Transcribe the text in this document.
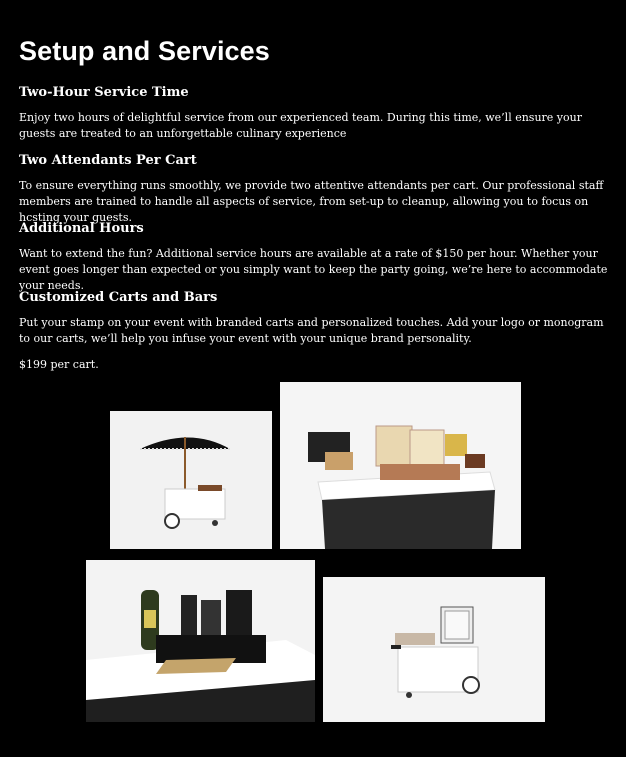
Setup and Services
Two-Hour Service Time

Enjoy two hours of delightful service from our experienced team. During this time, we’ll ensure your guests are treated to an unforgettable culinary experience

Two Attendants Per Cart

To ensure everything runs smoothly, we provide two attentive attendants per cart. Our professional staff members are trained to handle all aspects of service, from set-up to cleanup, allowing you to focus on hcsting your guests.

Additional Hours

Want to extend the fun? Additional service hours are available at a rate of $150 per hour. Whether your event goes longer than expected or you simply want to keep the party going, we’re here to accommodate your needs.

Customized Carts and Bars

Put your stamp on your event with branded carts and personalized touches. Add your logo or monogram to our carts, we’ll help you infuse your event with your unique brand personality.

$199 per cart.
